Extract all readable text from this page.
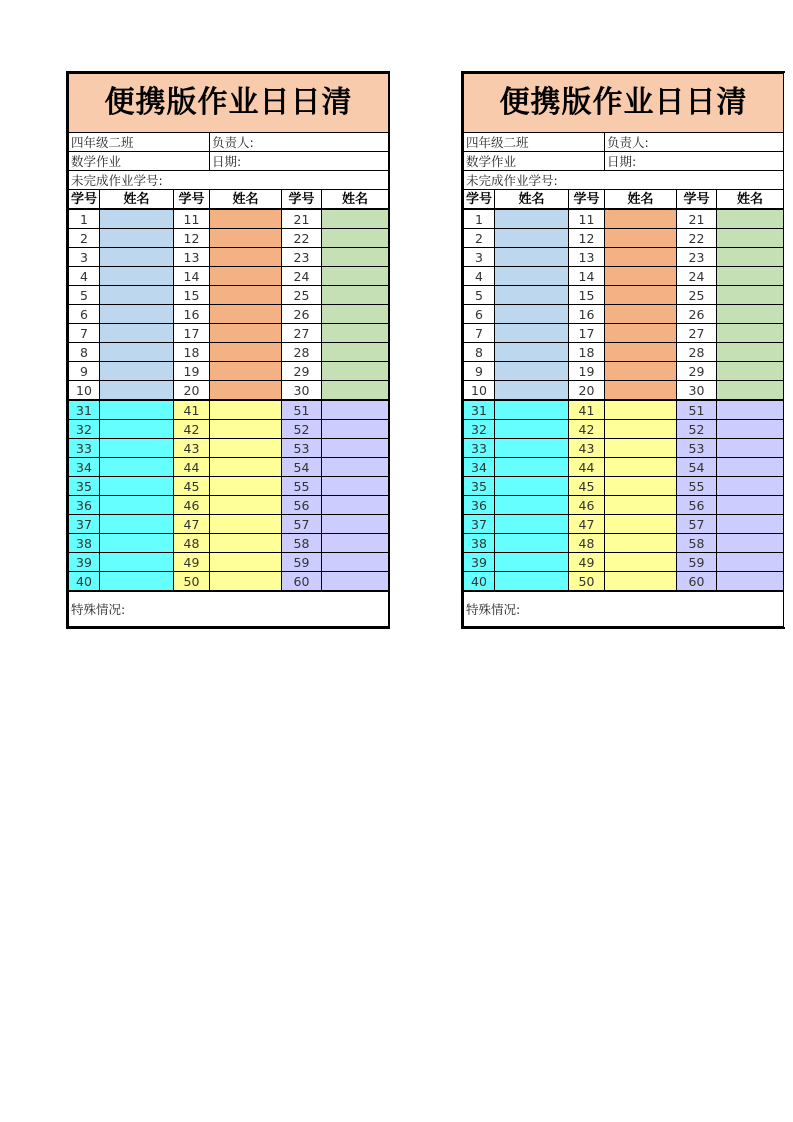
便携版作业日日清					
四年级二班			负责人:		
数学作业			日期:		
未完成作业学号:					
学号	姓名	学号	姓名	学号	姓名
1		11		21	
2		12		22	
3		13		23	
4		14		24	
5		15		25	
6		16		26	
7		17		27	
8		18		28	
9		19		29	
10		20		30	
31		41		51	
32		42		52	
33		43		53	
34		44		54	
35		45		55	
36		46		56	
37		47		57	
38		48		58	
39		49		59	
40		50		60	
特殊情况:					
便携版作业日日清					
四年级二班			负责人:		
数学作业			日期:		
未完成作业学号:					
学号	姓名	学号	姓名	学号	姓名
1		11		21	
2		12		22	
3		13		23	
4		14		24	
5		15		25	
6		16		26	
7		17		27	
8		18		28	
9		19		29	
10		20		30	
31		41		51	
32		42		52	
33		43		53	
34		44		54	
35		45		55	
36		46		56	
37		47		57	
38		48		58	
39		49		59	
40		50		60	
特殊情况:					
